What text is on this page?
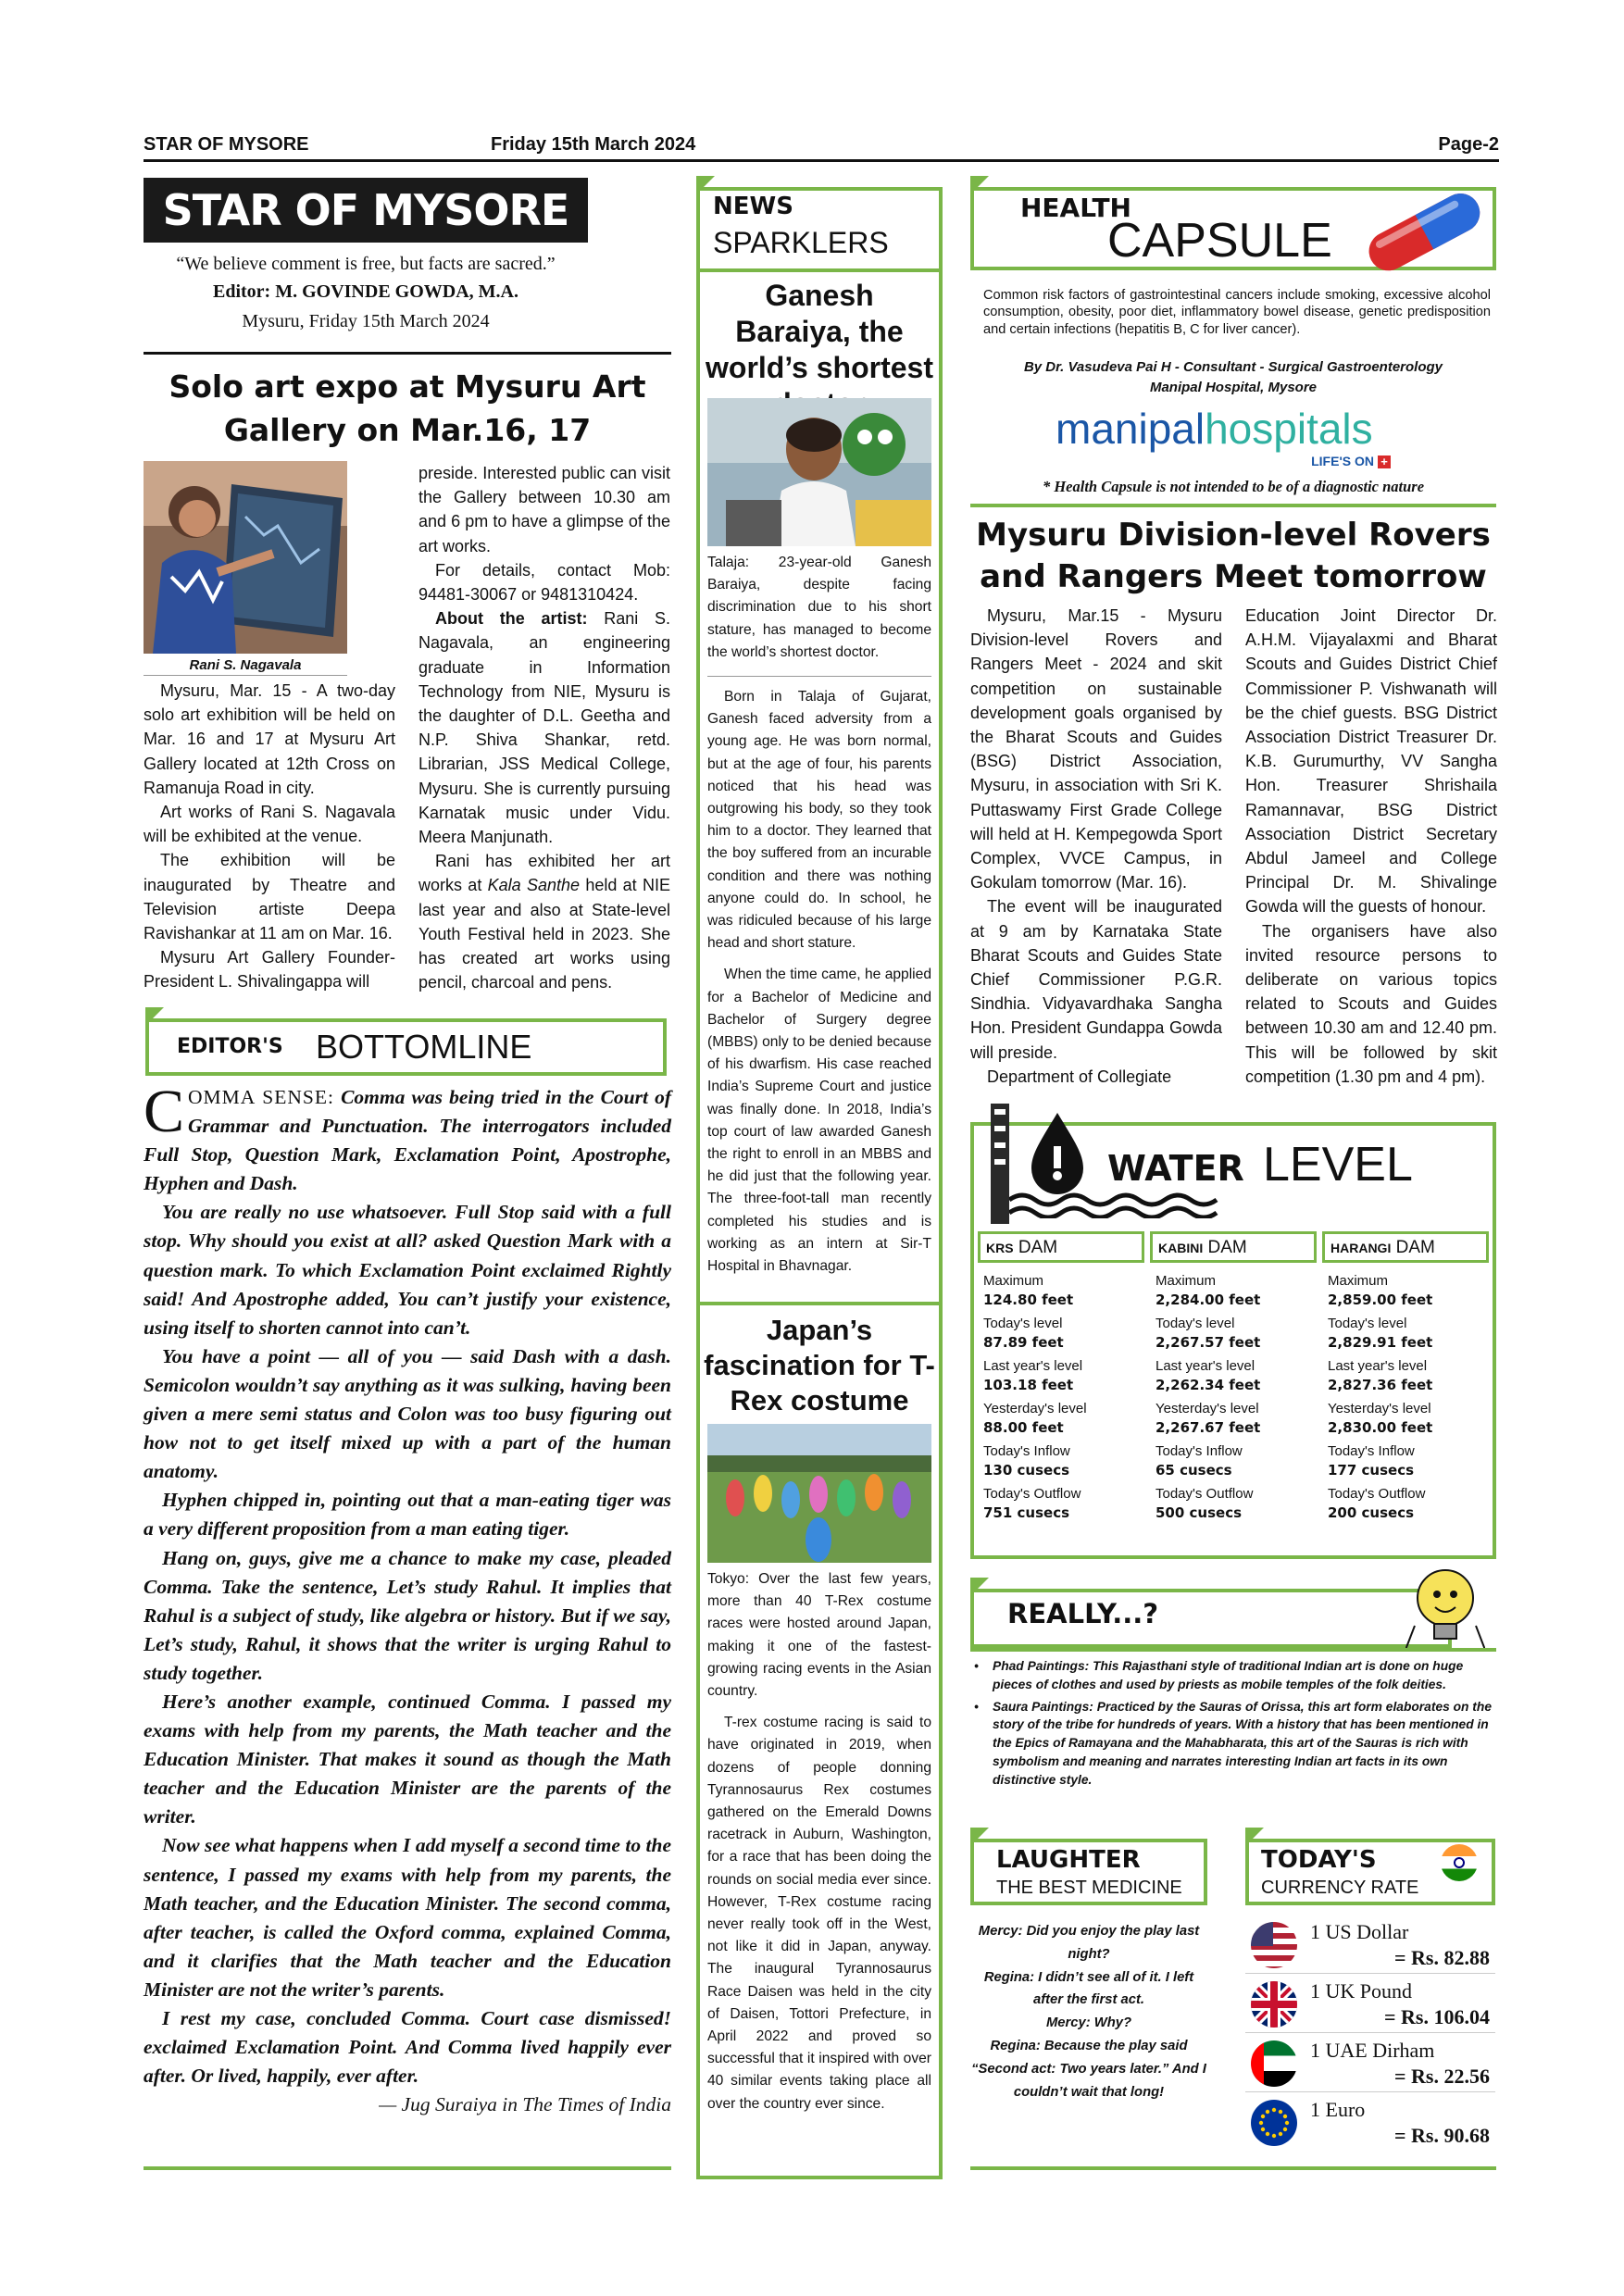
STAR OF MYSORE	Friday 15th March 2024	Page-2
STAR OF MYSORE
“We believe comment is free, but facts are sacred.”
Editor: M. GOVINDE GOWDA, M.A.
Mysuru, Friday 15th March 2024
Solo art expo at Mysuru Art Gallery on Mar.16, 17
Rani S. Nagavala

Mysuru, Mar. 15 - A two-day solo art exhibition will be held on Mar. 16 and 17 at Mysuru Art Gallery located at 12th Cross on Ramanuja Road in city.

Art works of Rani S. Nagavala will be exhibited at the venue.

The exhibition will be inaugurated by Theatre and Television artiste Deepa Ravishankar at 11 am on Mar. 16.

Mysuru Art Gallery Founder-President L. Shivalingappa will

preside. Interested public can visit the Gallery between 10.30 am and 6 pm to have a glimpse of the art works.

For details, contact Mob: 94481-30067 or 9481310424.

About the artist: Rani S. Nagavala, an engineering graduate in Information Technology from NIE, Mysuru is the daughter of D.L. Geetha and N.P. Shiva Shankar, retd. Librarian, JSS Medical College, Mysuru. She is currently pursuing Karnatak music under Vidu. Meera Manjunath.

Rani has exhibited her art works at Kala Santhe held at NIE last year and also at State-level Youth Festival held in 2023. She has created art works using pencil, charcoal and pens.

EDITOR'S BOTTOMLINE

COMMA SENSE: Comma was being tried in the Court of Grammar and Punctuation. The interrogators included Full Stop, Question Mark, Exclamation Point, Apostrophe, Hyphen and Dash.

You are really no use whatsoever. Full Stop said with a full stop. Why should you exist at all? asked Question Mark with a question mark. To which Exclamation Point exclaimed Rightly said! And Apostrophe added, You can’t justify your existence, using itself to shorten cannot into can’t.

You have a point — all of you — said Dash with a dash. Semicolon wouldn’t say anything as it was sulking, having been given a mere semi status and Colon was too busy figuring out how not to get itself mixed up with a part of the human anatomy.

Hyphen chipped in, pointing out that a man-eating tiger was a very different proposition from a man eating tiger.

Hang on, guys, give me a chance to make my case, pleaded Comma. Take the sentence, Let’s study Rahul. It implies that Rahul is a subject of study, like algebra or history. But if we say, Let’s study, Rahul, it shows that the writer is urging Rahul to study together.

Here’s another example, continued Comma. I passed my exams with help from my parents, the Math teacher and the Education Minister. That makes it sound as though the Math teacher and the Education Minister are the parents of the writer.

Now see what happens when I add myself a second time to the sentence, I passed my exams with help from my parents, the Math teacher, and the Education Minister. The second comma, after teacher, is called the Oxford comma, explained Comma, and it clarifies that the Math teacher and the Education Minister are not the writer’s parents.

I rest my case, concluded Comma. Court case dismissed! exclaimed Exclamation Point. And Comma lived happily ever after. Or lived, happily, ever after.

— Jug Suraiya in The Times of India

NEWS
SPARKLERS
Ganesh Baraiya, the world’s shortest

Talaja: 23-year-old Ganesh Baraiya, despite facing discrimination due to his short stature, has managed to become the world’s shortest doctor.

Born in Talaja of Gujarat, Ganesh faced adversity from a young age. He was born normal, but at the age of four, his parents noticed that his head was outgrowing his body, so they took him to a doctor. They learned that the boy suffered from an incurable condition and there was nothing anyone could do. In school, he was ridiculed because of his large head and short stature.

When the time came, he applied for a Bachelor of Medicine and Bachelor of Surgery degree (MBBS) only to be denied because of his dwarfism. His case reached India’s Supreme Court and justice was finally done. In 2018, India’s top court of law awarded Ganesh the right to enroll in an MBBS and he did just that the following year. The three-foot-tall man recently completed his studies and is working as an intern at Sir-T Hospital in Bhavnagar.

Japan’s fascination for T-Rex costume

Tokyo: Over the last few years, more than 40 T-Rex costume races were hosted around Japan, making it one of the fastest-growing racing events in the Asian country.

T-rex costume racing is said to have originated in 2019, when dozens of people donning Tyrannosaurus Rex costumes gathered on the Emerald Downs racetrack in Auburn, Washington, for a race that has been doing the rounds on social media ever since. However, T-Rex costume racing never really took off in the West, not like it did in Japan, anyway. The inaugural Tyrannosaurus Race Daisen was held in the city of Daisen, Tottori Prefecture, in April 2022 and proved so successful that it inspired with over 40 similar events taking place all over the country ever since.

HEALTH
CAPSULE
Common risk factors of gastrointestinal cancers include smoking, excessive alcohol consumption, obesity, poor diet, inflammatory bowel disease, genetic predisposition and certain infections (hepatitis B, C for liver cancer).
By Dr. Vasudeva Pai H - Consultant - Surgical Gastroenterology
Manipal Hospital, Mysore
manipalhospitals
LIFE'S ON +
* Health Capsule is not intended to be of a diagnostic nature
Mysuru Division-level Rovers and Rangers Meet tomorrow

Mysuru, Mar.15 - Mysuru Division-level Rovers and Rangers Meet - 2024 and skit competition on sustainable development goals organised by the Bharat Scouts and Guides (BSG) District Association, Mysuru, in association with Sri K. Puttaswamy First Grade College will held at H. Kempegowda Sport Complex, VVCE Campus, in Gokulam tomorrow (Mar. 16).

The event will be inaugurated at 9 am by Karnataka State Bharat Scouts and Guides State Chief Commissioner P.G.R. Sindhia. Vidyavardhaka Sangha Hon. President Gundappa Gowda will preside.

Department of Collegiate

Education Joint Director Dr. A.H.M. Vijayalaxmi and Bharat Scouts and Guides District Chief Commissioner P. Vishwanath will be the chief guests. BSG District Association District Treasurer Dr. K.B. Gurumurthy, VV Sangha Hon. Treasurer Shrishaila Ramannavar, BSG District Association District Secretary Abdul Jameel and College Principal Dr. M. Shivalinge Gowda will the guests of honour.

The organisers have also invited resource persons to deliberate on various topics related to Scouts and Guides between 10.30 am and 12.40 pm. This will be followed by skit competition (1.30 pm and 4 pm).

WATER LEVEL
KRS DAM
Maximum
124.80 feet
Today's level
87.89 feet
Last year's level
103.18 feet
Yesterday's level
88.00 feet
Today's Inflow
130 cusecs
Today's Outflow
751 cusecs
KABINI DAM
Maximum
2,284.00 feet
Today's level
2,267.57 feet
Last year's level
2,262.34 feet
Yesterday's level
2,267.67 feet
Today's Inflow
65 cusecs
Today's Outflow
500 cusecs
HARANGI DAM
Maximum
2,859.00 feet
Today's level
2,829.91 feet
Last year's level
2,827.36 feet
Yesterday's level
2,830.00 feet
Today's Inflow
177 cusecs
Today's Outflow
200 cusecs
REALLY...?
• Phad Paintings: This Rajasthani style of traditional Indian art is done on huge pieces of clothes and used by priests as mobile temples of the folk deities.
• Saura Paintings: Practiced by the Sauras of Orissa, this art form elaborates on the story of the tribe for hundreds of years. With a history that has been mentioned in the Epics of Ramayana and the Mahabharata, this art of the Sauras is rich with symbolism and meaning and narrates interesting Indian art facts in its own distinctive style.
LAUGHTER
THE BEST MEDICINE
Mercy: Did you enjoy the play last night?
Regina: I didn’t see all of it. I left after the first act.
Mercy: Why?
Regina: Because the play said “Second act: Two years later.” And I couldn’t wait that long!
TODAY'S
CURRENCY RATE
1 US Dollar
= Rs. 82.88
1 UK Pound
= Rs. 106.04
1 UAE Dirham
= Rs. 22.56
1 Euro
= Rs. 90.68
